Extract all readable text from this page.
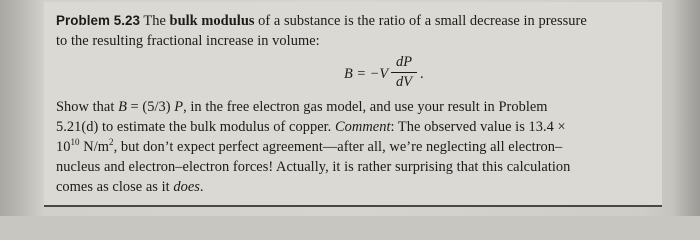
Problem 5.23 The bulk modulus of a substance is the ratio of a small decrease in pressure
to the resulting fractional increase in volume:
B = −V
dP
dV .
Show that B = (5/3) P, in the free electron gas model, and use your result in Problem
5.21(d) to estimate the bulk modulus of copper. Comment: The observed value is 13.4 ×
$10^{10}$ $N/m^2$, but don’t expect perfect agreement—after all, we’re neglecting all electron–
nucleus and electron–electron forces! Actually, it is rather surprising that this calculation
comes as close as it does.
